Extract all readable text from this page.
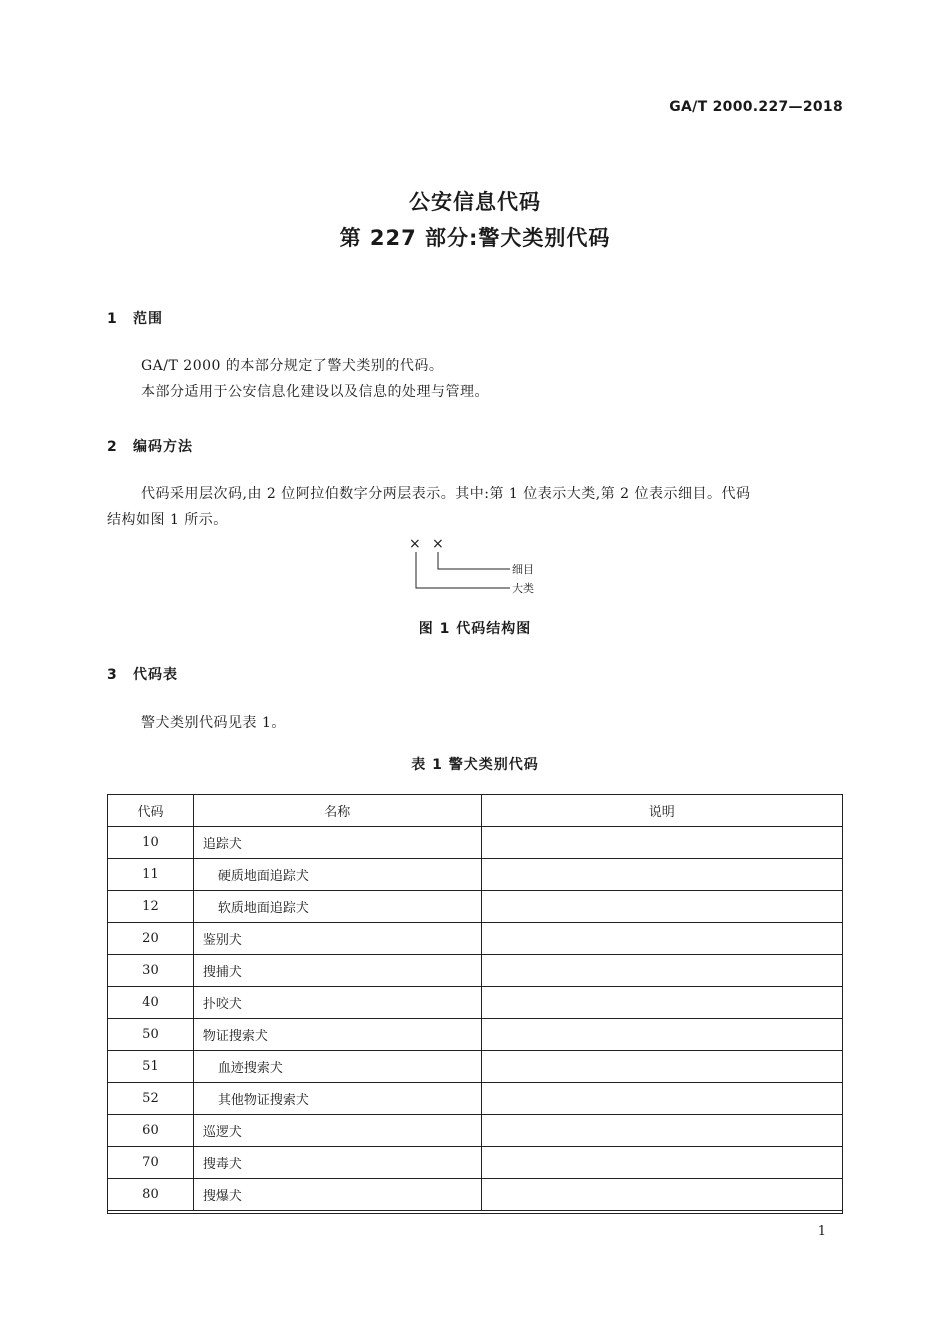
GA/T 2000.227—2018
公安信息代码
第 227 部分:警犬类别代码
1 范围
GA/T 2000 的本部分规定了警犬类别的代码。
本部分适用于公安信息化建设以及信息的处理与管理。
2 编码方法
代码采用层次码,由 2 位阿拉伯数字分两层表示。其中:第 1 位表示大类,第 2 位表示细目。代码
结构如图 1 所示。
× ×
细目
大类
图 1 代码结构图
3 代码表
警犬类别代码见表 1。
表 1 警犬类别代码
代码	名称	说明
10	追踪犬	
11	硬质地面追踪犬	
12	软质地面追踪犬	
20	鉴别犬	
30	搜捕犬	
40	扑咬犬	
50	物证搜索犬	
51	血迹搜索犬	
52	其他物证搜索犬	
60	巡逻犬	
70	搜毒犬	
80	搜爆犬	
1
